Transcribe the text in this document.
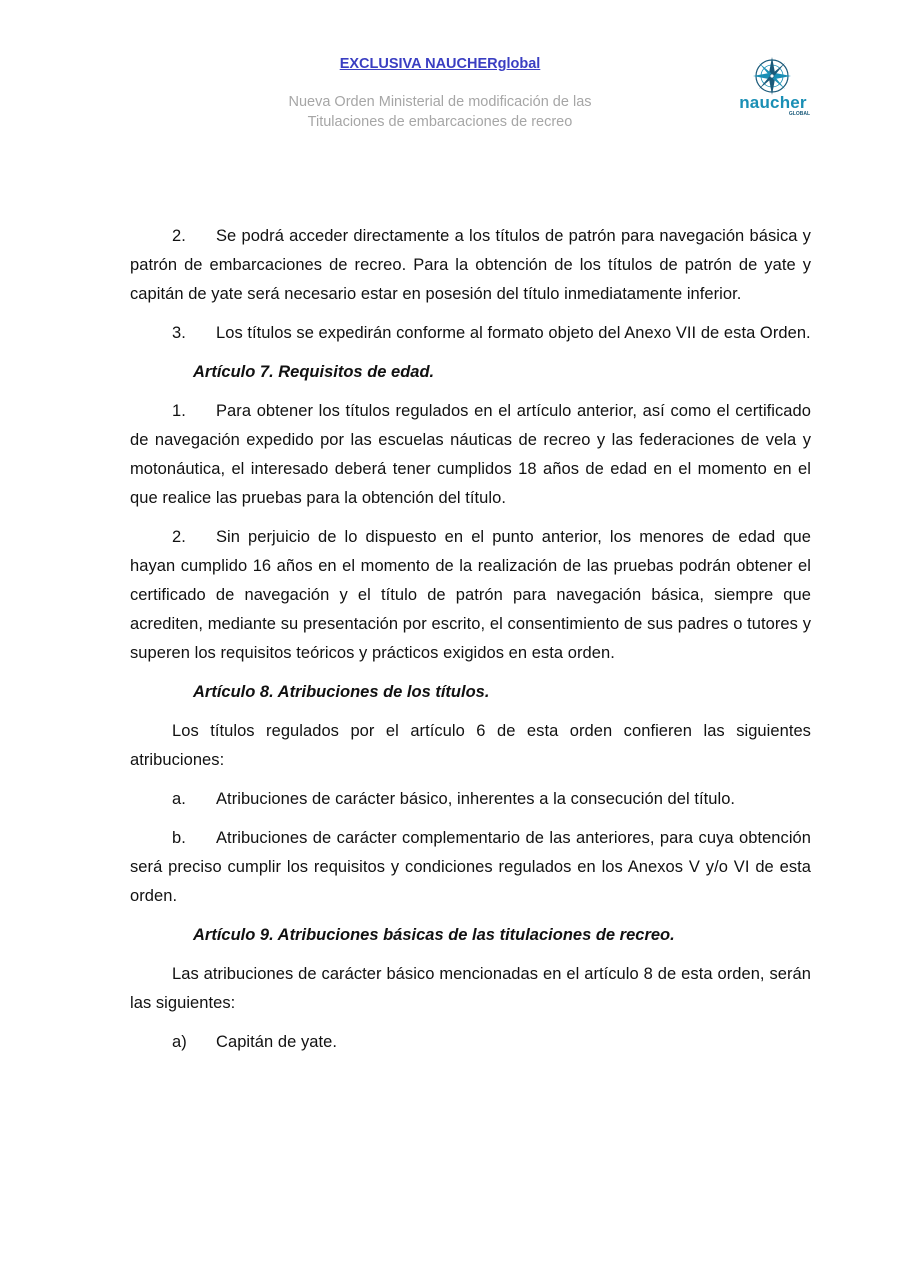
EXCLUSIVA NAUCHERglobal
Nueva Orden Ministerial de modificación de las
Titulaciones de embarcaciones de recreo
naucher
GLOBAL

2. Se podrá acceder directamente a los títulos de patrón para navegación básica y patrón de embarcaciones de recreo. Para la obtención de los títulos de patrón de yate y capitán de yate será necesario estar en posesión del título inmediatamente inferior.

3. Los títulos se expedirán conforme al formato objeto del Anexo VII de esta Orden.

Artículo 7. Requisitos de edad.

1. Para obtener los títulos regulados en el artículo anterior, así como el certificado de navegación expedido por las escuelas náuticas de recreo y las federaciones de vela y motonáutica, el interesado deberá tener cumplidos 18 años de edad en el momento en el que realice las pruebas para la obtención del título.

2. Sin perjuicio de lo dispuesto en el punto anterior, los menores de edad que hayan cumplido 16 años en el momento de la realización de las pruebas podrán obtener el certificado de navegación y el título de patrón para navegación básica, siempre que acrediten, mediante su presentación por escrito, el consentimiento de sus padres o tutores y superen los requisitos teóricos y prácticos exigidos en esta orden.

Artículo 8. Atribuciones de los títulos.

Los títulos regulados por el artículo 6 de esta orden confieren las siguientes atribuciones:

a. Atribuciones de carácter básico, inherentes a la consecución del título.

b. Atribuciones de carácter complementario de las anteriores, para cuya obtención será preciso cumplir los requisitos y condiciones regulados en los Anexos V y/o VI de esta orden.

Artículo 9. Atribuciones básicas de las titulaciones de recreo.

Las atribuciones de carácter básico mencionadas en el artículo 8 de esta orden, serán las siguientes:

a) Capitán de yate.
